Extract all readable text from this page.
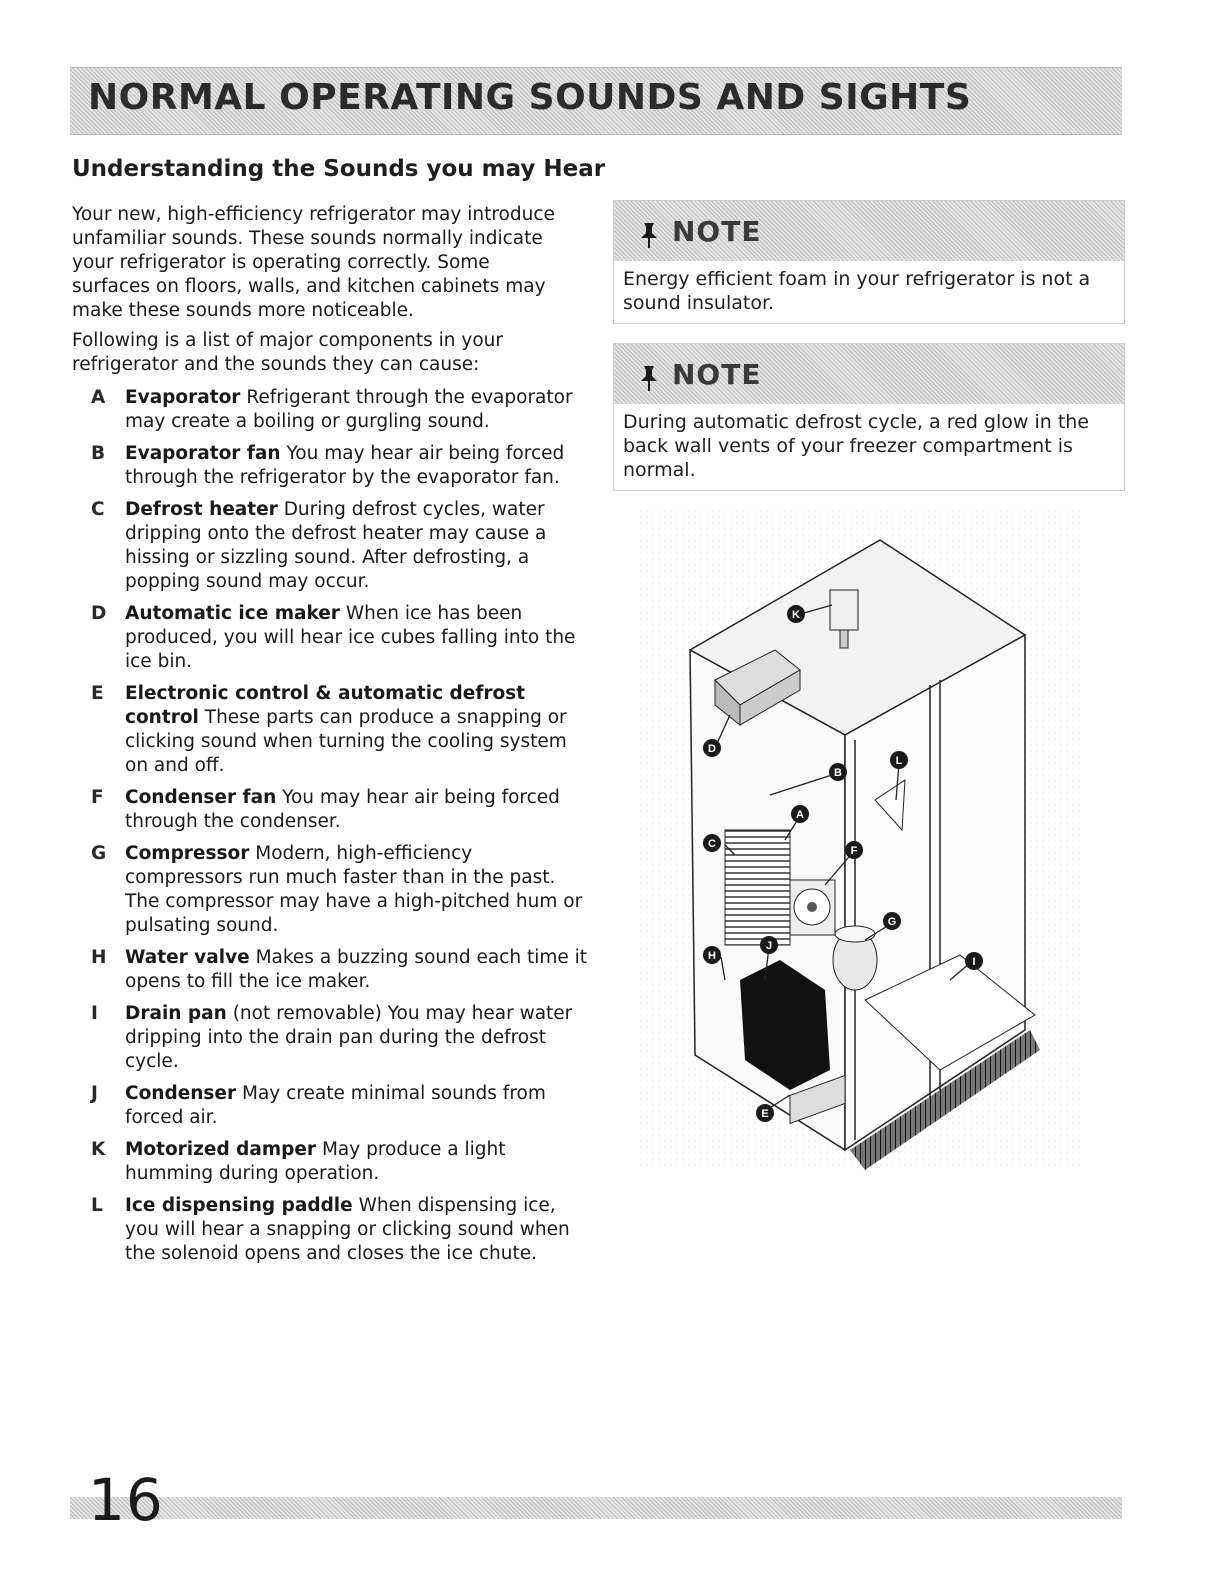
NORMAL OPERATING SOUNDS AND SIGHTS
Understanding the Sounds you may Hear

Your new, high-efficiency refrigerator may introduce unfamiliar sounds. These sounds normally indicate your refrigerator is operating correctly. Some surfaces on floors, walls, and kitchen cabinets may make these sounds more noticeable.

Following is a list of major components in your refrigerator and the sounds they can cause:

A	Evaporator Refrigerant through the evaporator may create a boiling or gurgling sound.
B	Evaporator fan You may hear air being forced through the refrigerator by the evaporator fan.
C	Defrost heater During defrost cycles, water dripping onto the defrost heater may cause a hissing or sizzling sound. After defrosting, a popping sound may occur.
D	Automatic ice maker When ice has been produced, you will hear ice cubes falling into the ice bin.
E	Electronic control & automatic defrost control These parts can produce a snapping or clicking sound when turning the cooling system on and off.
F	Condenser fan You may hear air being forced through the condenser.
G	Compressor Modern, high-efficiency compressors run much faster than in the past. The compressor may have a high-pitched hum or pulsating sound.
H	Water valve Makes a buzzing sound each time it opens to fill the ice maker.
I	Drain pan (not removable) You may hear water dripping into the drain pan during the defrost cycle.
J	Condenser May create minimal sounds from forced air.
K	Motorized damper May produce a light humming during operation.
L	Ice dispensing paddle When dispensing ice, you will hear a snapping or clicking sound when the solenoid opens and closes the ice chute.
NOTE
Energy efficient foam in your refrigerator is not a sound insulator.
NOTE
During automatic defrost cycle, a red glow in the back wall vents of your freezer compartment is normal.
K
D
B
L
A
C
F
G
H
J
I
E

16
